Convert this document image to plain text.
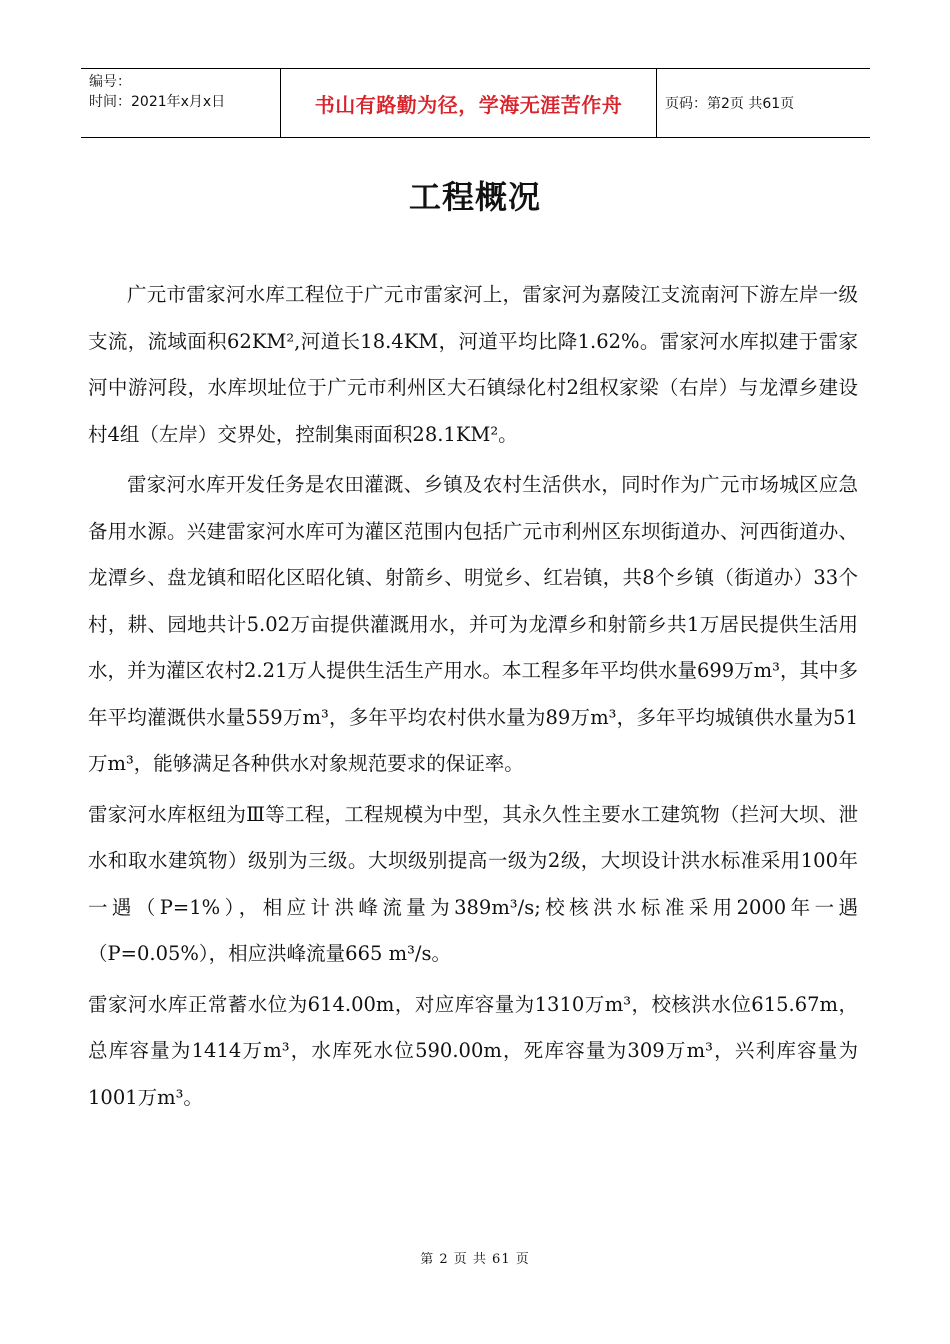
编号：
时间：2021年x月x日	书山有路勤为径，学海无涯苦作舟	页码：第2页 共61页
工程概况

广元市雷家河水库工程位于广元市雷家河上，雷家河为嘉陵江支流南河下游左岸一级支流，流域面积62KM²,河道长18.4KM，河道平均比降1.62%。雷家河水库拟建于雷家河中游河段，水库坝址位于广元市利州区大石镇绿化村2组权家梁（右岸）与龙潭乡建设村4组（左岸）交界处，控制集雨面积28.1KM²。

雷家河水库开发任务是农田灌溉、乡镇及农村生活供水，同时作为广元市场城区应急备用水源。兴建雷家河水库可为灌区范围内包括广元市利州区东坝街道办、河西街道办、龙潭乡、盘龙镇和昭化区昭化镇、射箭乡、明觉乡、红岩镇，共8个乡镇（街道办）33个村，耕、园地共计5.02万亩提供灌溉用水，并可为龙潭乡和射箭乡共1万居民提供生活用水，并为灌区农村2.21万人提供生活生产用水。本工程多年平均供水量699万m³，其中多年平均灌溉供水量559万m³，多年平均农村供水量为89万m³，多年平均城镇供水量为51万m³，能够满足各种供水对象规范要求的保证率。

雷家河水库枢纽为Ⅲ等工程，工程规模为中型，其永久性主要水工建筑物（拦河大坝、泄水和取水建筑物）级别为三级。大坝级别提高一级为2级，大坝设计洪水标准采用100年一遇（P=1%），相应计洪峰流量为389m³/s;校核洪水标准采用2000年一遇（P=0.05%），相应洪峰流量665 m³/s。

雷家河水库正常蓄水位为614.00m，对应库容量为1310万m³，校核洪水位615.67m，总库容量为1414万m³，水库死水位590.00m，死库容量为309万m³，兴利库容量为1001万m³。

第 2 页 共 61 页
